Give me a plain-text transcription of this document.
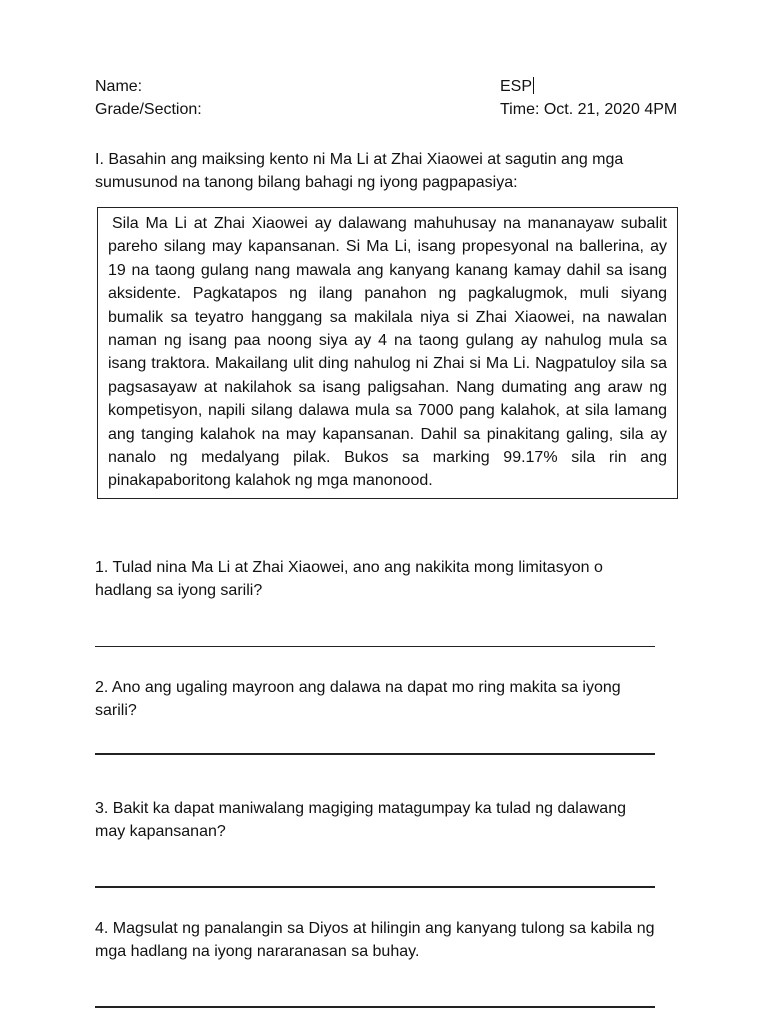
Name:
Grade/Section:
ESP
Time: Oct. 21, 2020 4PM
I. Basahin ang maiksing kento ni Ma Li at Zhai Xiaowei at sagutin ang mga sumusunod na tanong bilang bahagi ng iyong pagpapasiya:

Sila Ma Li at Zhai Xiaowei ay dalawang mahuhusay na mananayaw subalit pareho silang may kapansanan. Si Ma Li, isang propesyonal na ballerina, ay 19 na taong gulang nang mawala ang kanyang kanang kamay dahil sa isang aksidente. Pagkatapos ng ilang panahon ng pagkalugmok, muli siyang bumalik sa teyatro hanggang sa makilala niya si Zhai Xiaowei, na nawalan naman ng isang paa noong siya ay 4 na taong gulang ay nahulog mula sa isang traktora. Makailang ulit ding nahulog ni Zhai si Ma Li. Nagpatuloy sila sa pagsasayaw at nakilahok sa isang paligsahan. Nang dumating ang araw ng kompetisyon, napili silang dalawa mula sa 7000 pang kalahok, at sila lamang ang tanging kalahok na may kapansanan. Dahil sa pinakitang galing, sila ay nanalo ng medalyang pilak. Bukos sa marking 99.17% sila rin ang pinakapaboritong kalahok ng mga manonood.

1. Tulad nina Ma Li at Zhai Xiaowei, ano ang nakikita mong limitasyon o hadlang sa iyong sarili?
2. Ano ang ugaling mayroon ang dalawa na dapat mo ring makita sa iyong sarili?
3. Bakit ka dapat maniwalang magiging matagumpay ka tulad ng dalawang may kapansanan?
4. Magsulat ng panalangin sa Diyos at hilingin ang kanyang tulong sa kabila ng mga hadlang na iyong nararanasan sa buhay.
